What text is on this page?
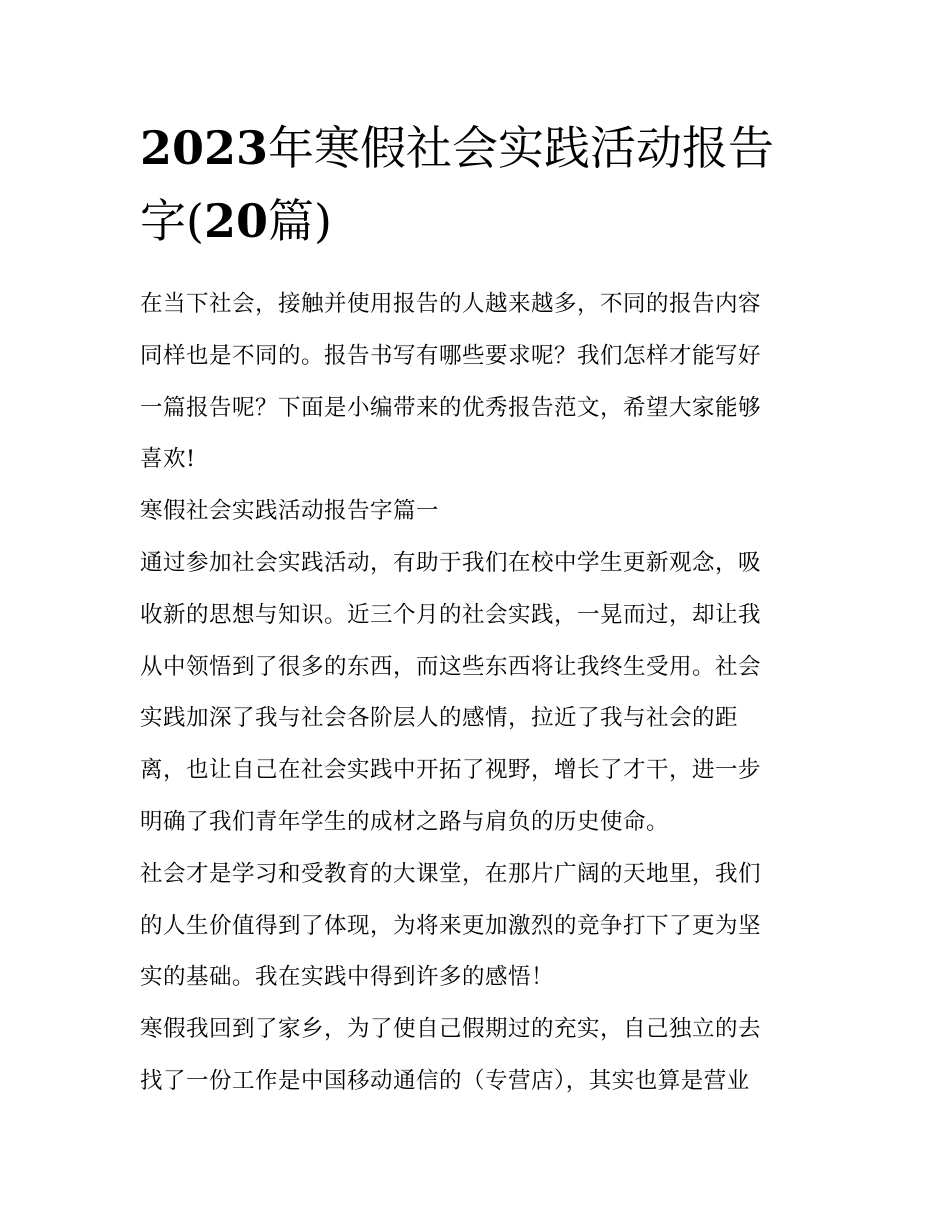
2023年寒假社会实践活动报告
字(20篇)

在当下社会，接触并使用报告的人越来越多，不同的报告内容
同样也是不同的。报告书写有哪些要求呢？我们怎样才能写好
一篇报告呢？下面是小编带来的优秀报告范文，希望大家能够
喜欢!

寒假社会实践活动报告字篇一

通过参加社会实践活动，有助于我们在校中学生更新观念，吸
收新的思想与知识。近三个月的社会实践，一晃而过，却让我
从中领悟到了很多的东西，而这些东西将让我终生受用。社会
实践加深了我与社会各阶层人的感情，拉近了我与社会的距
离，也让自己在社会实践中开拓了视野，增长了才干，进一步
明确了我们青年学生的成材之路与肩负的历史使命。

社会才是学习和受教育的大课堂，在那片广阔的天地里，我们
的人生价值得到了体现，为将来更加激烈的竞争打下了更为坚
实的基础。我在实践中得到许多的感悟！

寒假我回到了家乡，为了使自己假期过的充实，自己独立的去
找了一份工作是中国移动通信的（专营店），其实也算是营业
